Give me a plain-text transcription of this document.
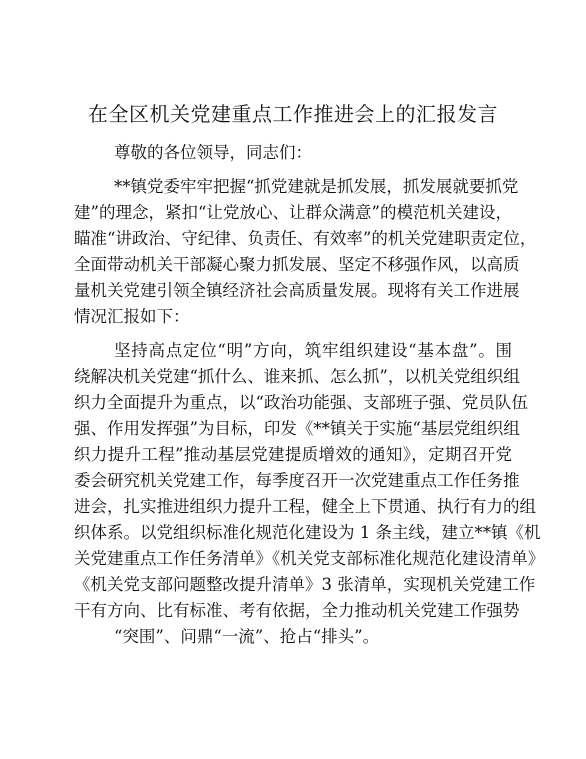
在全区机关党建重点工作推进会上的汇报发言
尊敬的各位领导，同志们：
**镇党委牢牢把握“抓党建就是抓发展，抓发展就要抓党
建”的理念，紧扣“让党放心、让群众满意”的模范机关建设，
瞄准“讲政治、守纪律、负责任、有效率”的机关党建职责定位，
全面带动机关干部凝心聚力抓发展、坚定不移强作风，以高质
量机关党建引领全镇经济社会高质量发展。现将有关工作进展
情况汇报如下：
坚持高点定位“明”方向，筑牢组织建设“基本盘”。围
绕解决机关党建“抓什么、谁来抓、怎么抓”，以机关党组织组
织力全面提升为重点，以“政治功能强、支部班子强、党员队伍
强、作用发挥强”为目标，印发《**镇关于实施“基层党组织组
织力提升工程”推动基层党建提质增效的通知》，定期召开党
委会研究机关党建工作，每季度召开一次党建重点工作任务推
进会，扎实推进组织力提升工程，健全上下贯通、执行有力的组
织体系。以党组织标准化规范化建设为 1 条主线，建立**镇《机
关党建重点工作任务清单》《机关党支部标准化规范化建设清单》
《机关党支部问题整改提升清单》3 张清单，实现机关党建工作
干有方向、比有标准、考有依据，全力推动机关党建工作强势
“突围”、问鼎“一流”、抢占“排头”。
